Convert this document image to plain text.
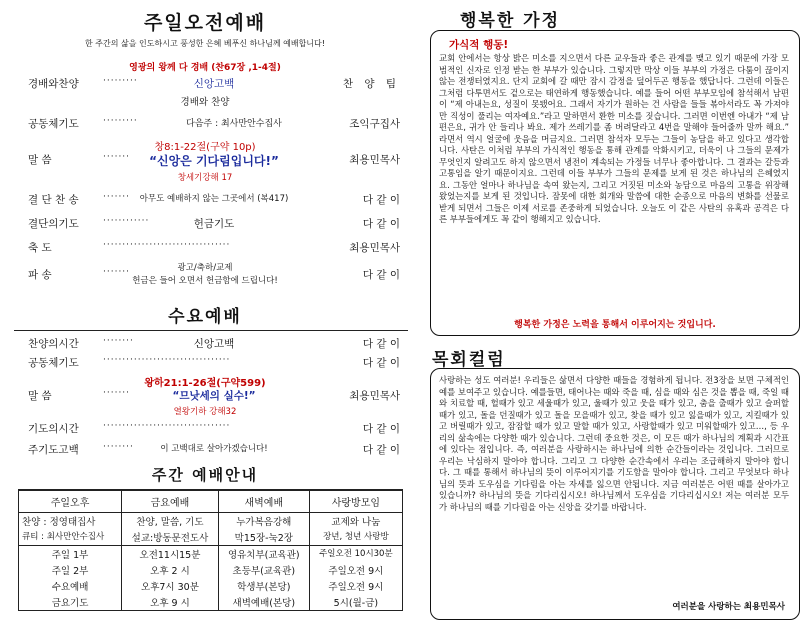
주일오전예배
한 주간의 삶을 인도하시고 풍성한 은혜 베푸신 하나님께 예배합니다!
영광의 왕께 다 경배 (찬67장 ,1-4절)
경배와찬양	·········	신앙고백	찬 양 팀
경배와 찬양
공동체기도	·········	다음주 : 최사만안수집사	조익구집사
창8:1-22절(구약 10p)
말 씀	·······	“신앙은 기다림입니다!”	최용민목사
창세기강해 17
결 단 찬 송	·······	아무도 예배하지 않는 그곳에서 (복417)	다 같 이
결단의기도	············	헌금기도	다 같 이
축 도	·································	최용민목사
광고/축하/교제
파 송	·······	다 같 이
헌금은 들어 오면서 헌금함에 드립니다!
수요예배
찬양의시간	········	신앙고백	다 같 이
공동체기도	·································	다 같 이
왕하21:1-26절(구약599)
말 씀	·······	“므낫세의 실수!”	최용민목사
열왕기하 강해32
기도의시간	·································	다 같 이
주기도고백	········	이 고백대로 살아가겠습니다!	다 같 이
주간 예배안내
주일오후	금요예배	새벽예배	사랑방모임
찬양 : 정영태집사	찬양, 말씀, 기도	누가복음강해	교제와 나눔
큐티 : 최사만안수집사	설교:방동문전도사	막15장-눅2장	장년, 청년 사랑방
주일 1부	오전11시15분	영유치부(교육관)	주일오전 10시30분
주일 2부	오후 2 시	초등부(교육관)	주일오전 9시
수요예배	오후7시 30분	학생부(본당)	주일오전 9시
금요기도	오후 9 시	새벽예배(본당)	5시(월-금)
행복한 가정
가식적 행동!
교회 안에서는 항상 밝은 미소를 지으면서 다른 교우들과 좋은 관계를 맺고 있기 때문에 가장 모범적인 신자로 인정 받는 한 부부가 있습니다. 그렇지만 막상 이들 부부의 가정은 다툼이 끊이지 않는 전쟁터였지요. 단지 교회에 갈 때만 잠시 감정을 덮어두곤 행동을 했답니다. 그런데 이들은 그처럼 다투면서도 겉으로는 태연하게 행동했습니다. 예를 들어 어떤 부부모임에 참석해서 남편이 “제 아내는요, 성질이 못됐어요. 그래서 자기가 원하는 건 사람을 들들 볶아서라도 꼭 가져야만 직성이 풀리는 여자예요.”라고 말하면서 환한 미소를 짓습니다. 그러면 이번엔 아내가 “제 남편은요, 귀가 안 들리나 봐요. 제가 쓰레기를 좀 버려달라고 4번을 말해야 들어줄까 말까 해요.” 라면서 역시 얼굴에 웃음을 머금지요. 그러면 참석자 모두는 그들이 농담을 하고 있다고 생각합니다. 사탄은 이처럼 부부의 가식적인 행동을 통해 관계를 악화시키고, 더욱이 나 그들의 문제가 무엇인지 알려고도 하지 않으면서 냉전이 계속되는 가정들 너무나 좋아합니다. 그 결과는 갈등과 고통임을 알기 때문이지요. 그런데 이들 부부가 그들의 문제를 보게 된 것은 하나님의 은혜였지요. 그동안 얼마나 하나님을 속여 왔는지, 그리고 거짓된 미소와 농담으로 마음의 고통을 위장해왔었는지를 보게 된 것입니다. 잠못에 대한 회개와 말씀에 대한 순종으로 마음의 변화를 선물로 받게 되면서 그들은 이제 서로를 존중하게 되었습니다. 오늘도 이 같은 사탄의 유혹과 공격은 다른 부부들에게도 꼭 같이 행해지고 있습니다.
행복한 가정은 노력을 통해서 이루어지는 것입니다.
목회컬럼
사랑하는 성도 여러분! 우리들은 삶면서 다양한 때들을 경험하게 됩니다. 전3장을 보면 구체적인 예를 보여주고 있습니다. 예를들면, 태어나는 때와 죽을 때, 심을 때와 심은 것을 뽑을 때, 죽일 때와 치료할 때, 헐때가 있고 세울때가 있고, 울때가 있고 웃을 때가 있고, 춤을 출때가 있고 슬퍼할때가 있고, 돌을 던질때가 있고 돌을 모을때가 있고, 찾을 때가 있고 잃을때가 있고, 지킬때가 있고 버릴때가 있고, 잠잠할 때가 있고 말할 때가 있고, 사랑할때가 있고 미워할때가 있고…, 등 우리의 삶속에는 다양한 때가 있습니다. 그런데 중요한 것은, 이 모든 때가 하나님의 계획과 시간표에 있다는 점입니다. 즉, 여러분을 사랑하시는 하나님에 의한 순간들이라는 것입니다. 그러므로 우리는 낙심하지 말아야 합니다. 그리고 그 다양한 순간속에서 우리는 조급해하지 말아야 합니다. 그 때를 통해서 하나님의 뜻이 이루어지기를 기도함을 말아야 합니다. 그리고 무엇보다 하나님의 뜻과 도우심을 기다림을 아는 자세를 잃으면 안됩니다. 지금 여러분은 어떤 때를 살아가고 있습니까? 하나님의 뜻을 기다리십시오! 하나님께서 도우심을 기다리십시오! 저는 여러분 모두가 하나님의 때를 기다림을 아는 신앙을 갖기를 바랍니다.
여러분을 사랑하는 최용민목사
